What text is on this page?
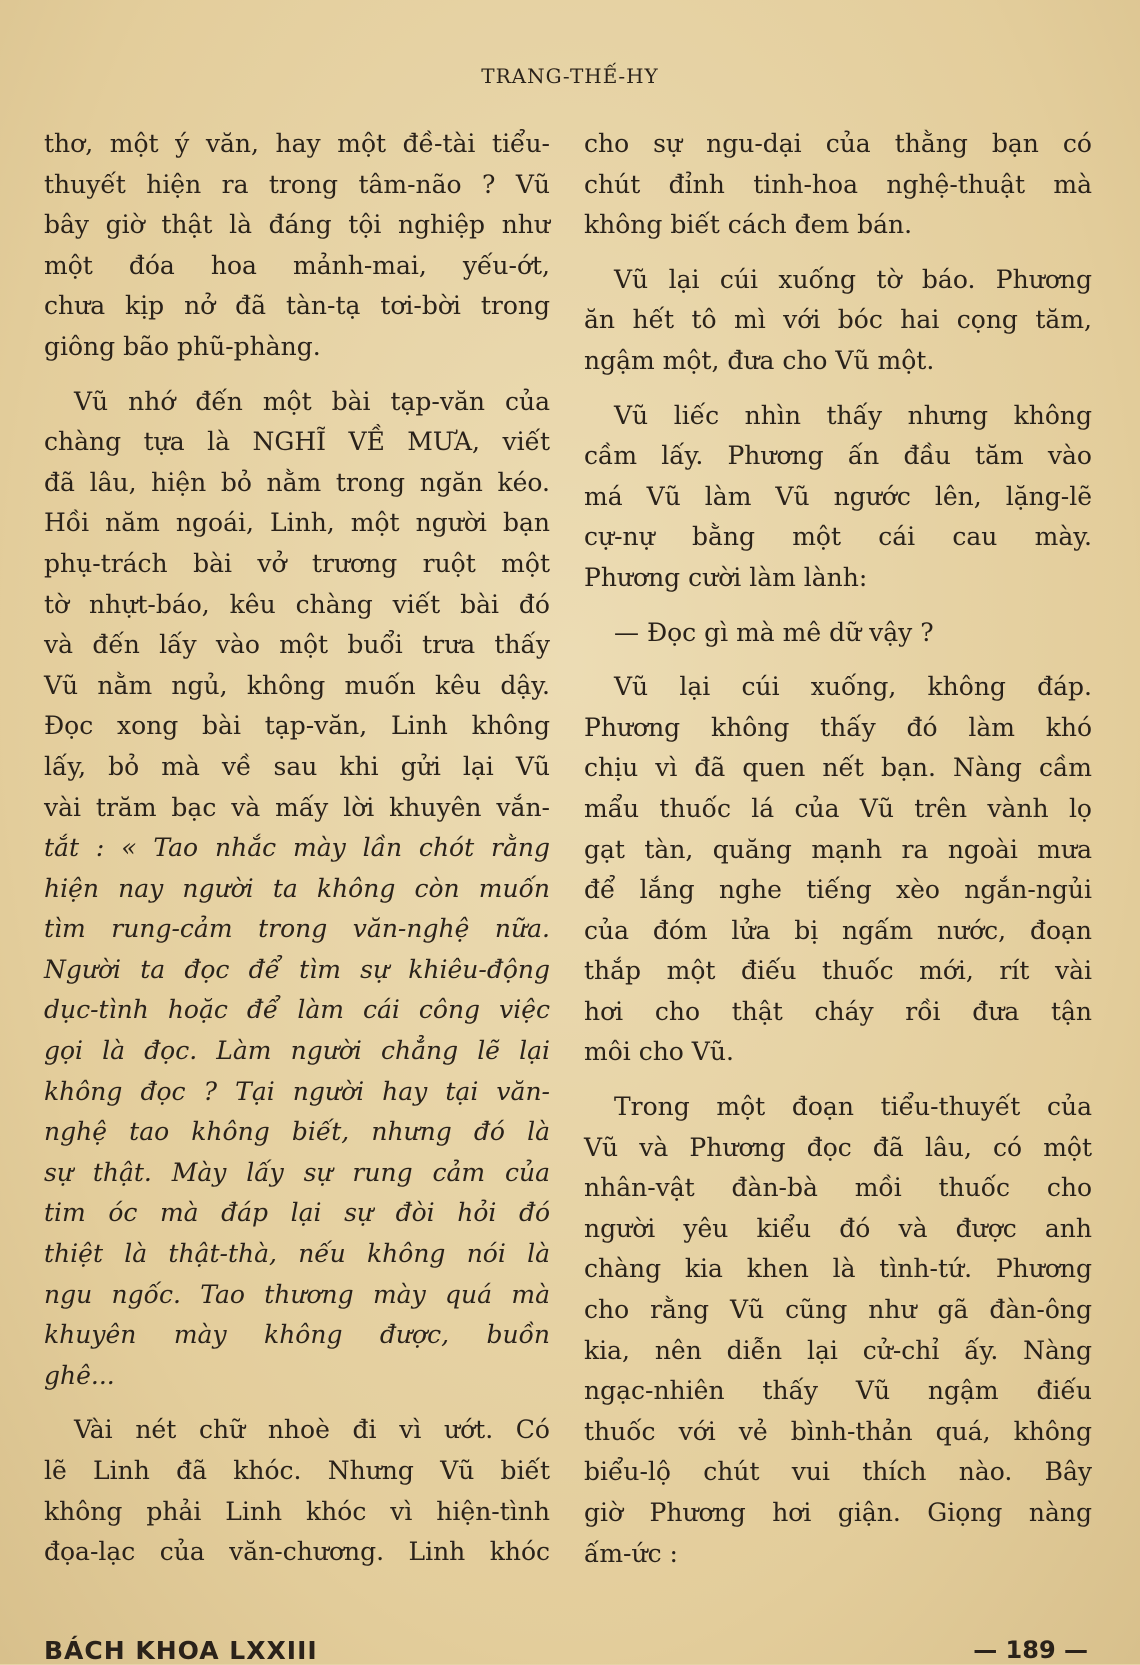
TRANG-THẾ-HY

thơ, một ý văn, hay một đề-tài tiểu-
thuyết hiện ra trong tâm-não ? Vũ
bây giờ thật là đáng tội nghiệp như
một đóa hoa mảnh-mai, yếu-ớt,
chưa kịp nở đã tàn-tạ tơi-bời trong
giông bão phũ-phàng.

Vũ nhớ đến một bài tạp-văn của
chàng tựa là NGHĨ VỀ MƯA, viết
đã lâu, hiện bỏ nằm trong ngăn kéo.
Hồi năm ngoái, Linh, một người bạn
phụ-trách bài vở trương ruột một
tờ nhựt-báo, kêu chàng viết bài đó
và đến lấy vào một buổi trưa thấy
Vũ nằm ngủ, không muốn kêu dậy.
Đọc xong bài tạp-văn, Linh không
lấy, bỏ mà về sau khi gửi lại Vũ
vài trăm bạc và mấy lời khuyên vắn-
tắt : « Tao nhắc mày lần chót rằng
hiện nay người ta không còn muốn
tìm rung-cảm trong văn-nghệ nữa.
Người ta đọc để tìm sự khiêu-động
dục-tình hoặc để làm cái công việc
gọi là đọc. Làm người chẳng lẽ lại
không đọc ? Tại người hay tại văn-
nghệ tao không biết, nhưng đó là
sự thật. Mày lấy sự rung cảm của
tim óc mà đáp lại sự đòi hỏi đó
thiệt là thật-thà, nếu không nói là
ngu ngốc. Tao thương mày quá mà
khuyên mày không được, buồn
ghê...

Vài nét chữ nhoè đi vì ướt. Có
lẽ Linh đã khóc. Nhưng Vũ biết
không phải Linh khóc vì hiện-tình
đọa-lạc của văn-chương. Linh khóc

cho sự ngu-dại của thằng bạn có
chút đỉnh tinh-hoa nghệ-thuật mà
không biết cách đem bán.

Vũ lại cúi xuống tờ báo. Phương
ăn hết tô mì với bóc hai cọng tăm,
ngậm một, đưa cho Vũ một.

Vũ liếc nhìn thấy nhưng không
cầm lấy. Phương ấn đầu tăm vào
má Vũ làm Vũ ngước lên, lặng-lẽ
cự-nự bằng một cái cau mày.
Phương cười làm lành:

— Đọc gì mà mê dữ vậy ?

Vũ lại cúi xuống, không đáp.
Phương không thấy đó làm khó
chịu vì đã quen nết bạn. Nàng cầm
mẩu thuốc lá của Vũ trên vành lọ
gạt tàn, quăng mạnh ra ngoài mưa
để lắng nghe tiếng xèo ngắn-ngủi
của đóm lửa bị ngấm nước, đoạn
thắp một điếu thuốc mới, rít vài
hơi cho thật cháy rồi đưa tận
môi cho Vũ.

Trong một đoạn tiểu-thuyết của
Vũ và Phương đọc đã lâu, có một
nhân-vật đàn-bà mồi thuốc cho
người yêu kiểu đó và được anh
chàng kia khen là tình-tứ. Phương
cho rằng Vũ cũng như gã đàn-ông
kia, nên diễn lại cử-chỉ ấy. Nàng
ngạc-nhiên thấy Vũ ngậm điếu
thuốc với vẻ bình-thản quá, không
biểu-lộ chút vui thích nào. Bây
giờ Phương hơi giận. Giọng nàng
ấm-ức :

BÁCH KHOA LXXIII	— 189 —
